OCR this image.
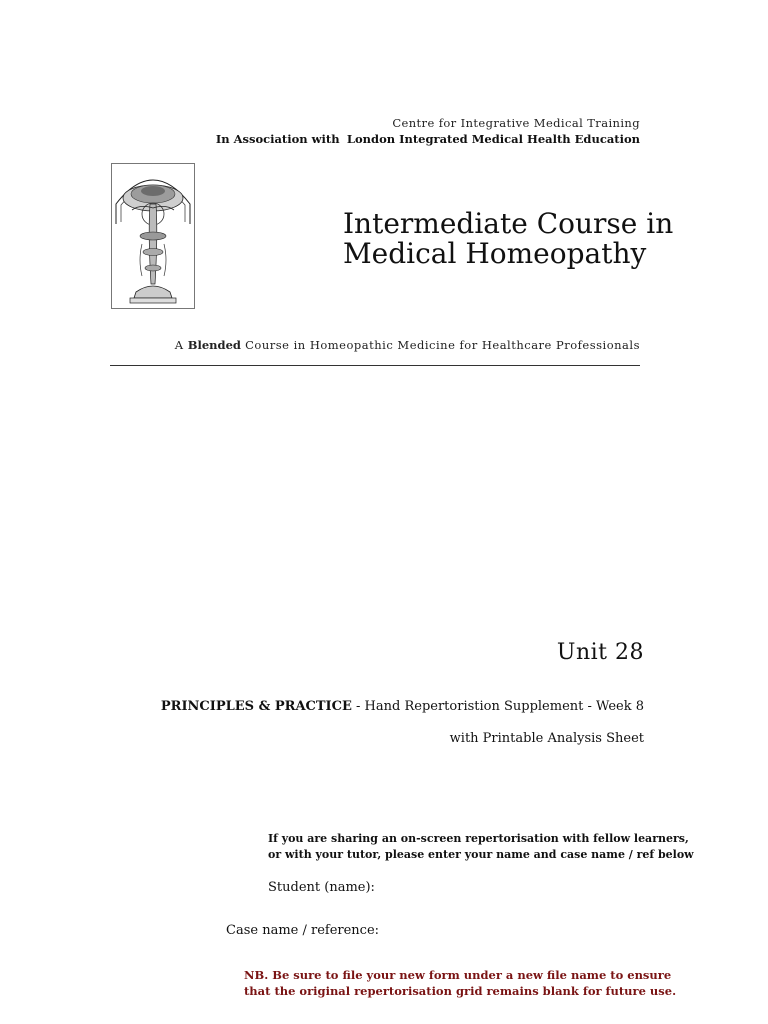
Centre for Integrative Medical Training
In Association with London Integrated Medical Health Education
Intermediate Course in
Medical Homeopathy
A Blended Course in Homeopathic Medicine for Healthcare Professionals
Unit 28
PRINCIPLES & PRACTICE - Hand Repertoristion Supplement - Week 8
with Printable Analysis Sheet
If you are sharing an on-screen repertorisation with fellow learners,
or with your tutor, please enter your name and case name / ref below
Student (name):
Case name / reference:
NB. Be sure to file your new form under a new file name to ensure
that the original repertorisation grid remains blank for future use.
